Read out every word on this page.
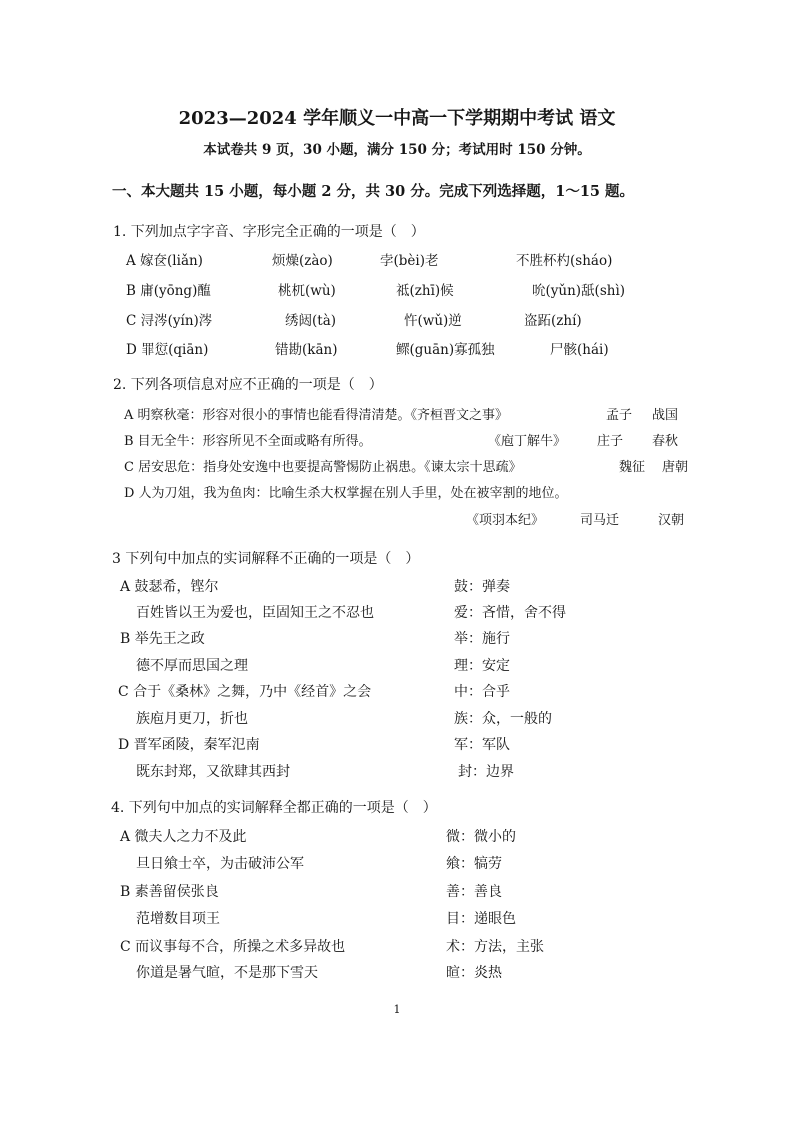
2023—2024 学年顺义一中高一下学期期中考试 语文
本试卷共 9 页，30 小题，满分 150 分；考试用时 150 分钟。
一、本大题共 15 小题，每小题 2 分，共 30 分。完成下列选择题，1～15 题。
1. 下列加点字字音、字形完全正确的一项是（　）
A 嫁奁(liǎn)	烦燥(zào)	孛(bèi)老	不胜杯杓(sháo)
B 庸(yōng)醢	桃杌(wù)	祗(zhī)候	吮(yǔn)舐(shì)
C 浔涔(yín)涔	绣闼(tà)	忤(wǔ)逆	盗跖(zhí)
D 罪愆(qiān)	错勘(kān)	鳏(guān)寡孤独	尸骸(hái)
2. 下列各项信息对应不正确的一项是（　）
A 明察秋毫：形容对很小的事情也能看得清清楚。《齐桓晋文之事》	孟子 战国
B 目无全牛：形容所见不全面或略有所得。	《庖丁解牛》 庄子 春秋
C 居安思危：指身处安逸中也要提高警惕防止祸患。《谏太宗十思疏》	魏征 唐朝
D 人为刀俎，我为鱼肉：比喻生杀大权掌握在别人手里，处在被宰割的地位。
《项羽本纪》	司马迁	汉朝
3 下列句中加点的实词解释不正确的一项是（　）
A 鼓瑟希，铿尔	鼓：弹奏
百姓皆以王为爱也，臣固知王之不忍也	爱：吝惜，舍不得
B 举先王之政	举：施行
德不厚而思国之理	理：安定
C 合于《桑林》之舞，乃中《经首》之会	中：合乎
族庖月更刀，折也	族：众，一般的
D 晋军函陵，秦军氾南	军：军队
既东封郑，又欲肆其西封	封：边界
4. 下列句中加点的实词解释全都正确的一项是（　）
A 微夫人之力不及此	微：微小的
旦日飨士卒，为击破沛公军	飨：犒劳
B 素善留侯张良	善：善良
范增数目项王	目：递眼色
C 而议事每不合，所操之术多异故也	术：方法，主张
你道是暑气暄，不是那下雪天	暄：炎热
1
